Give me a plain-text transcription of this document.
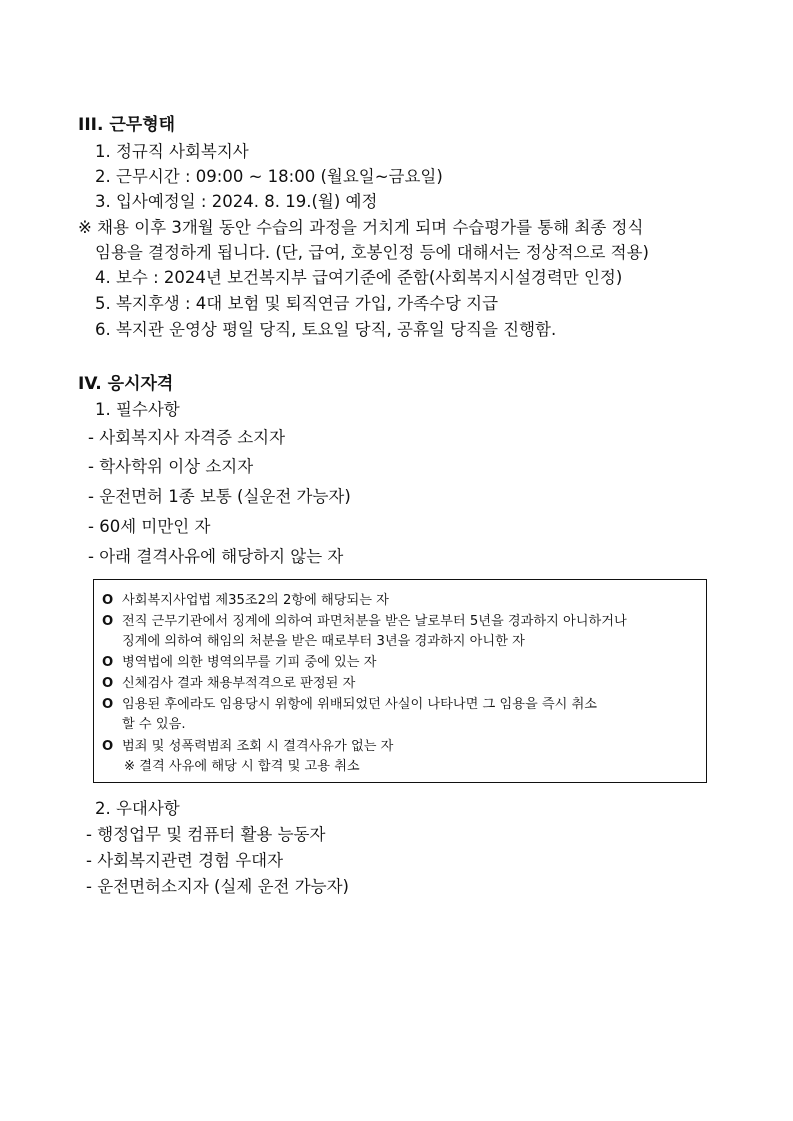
III. 근무형태
1. 정규직 사회복지사
2. 근무시간 : 09:00 ~ 18:00 (월요일~금요일)
3. 입사예정일 : 2024. 8. 19.(월) 예정
※ 채용 이후 3개월 동안 수습의 과정을 거치게 되며 수습평가를 통해 최종 정식
임용을 결정하게 됩니다. (단, 급여, 호봉인정 등에 대해서는 정상적으로 적용)
4. 보수 : 2024년 보건복지부 급여기준에 준함(사회복지시설경력만 인정)
5. 복지후생 : 4대 보험 및 퇴직연금 가입, 가족수당 지급
6. 복지관 운영상 평일 당직, 토요일 당직, 공휴일 당직을 진행함.
IV. 응시자격
1. 필수사항
- 사회복지사 자격증 소지자
- 학사학위 이상 소지자
- 운전면허 1종 보통 (실운전 가능자)
- 60세 미만인 자
- 아래 결격사유에 해당하지 않는 자
O 사회복지사업법 제35조2의 2항에 해당되는 자
O 전직 근무기관에서 징계에 의하여 파면처분을 받은 날로부터 5년을 경과하지 아니하거나
징계에 의하여 해임의 처분을 받은 때로부터 3년을 경과하지 아니한 자
O 병역법에 의한 병역의무를 기피 중에 있는 자
O 신체검사 결과 채용부적격으로 판정된 자
O 임용된 후에라도 임용당시 위항에 위배되었던 사실이 나타나면 그 임용을 즉시 취소
할 수 있음.
O 범죄 및 성폭력범죄 조회 시 결격사유가 없는 자
※ 결격 사유에 해당 시 합격 및 고용 취소
2. 우대사항
- 행정업무 및 컴퓨터 활용 능동자
- 사회복지관련 경험 우대자
- 운전면허소지자 (실제 운전 가능자)
